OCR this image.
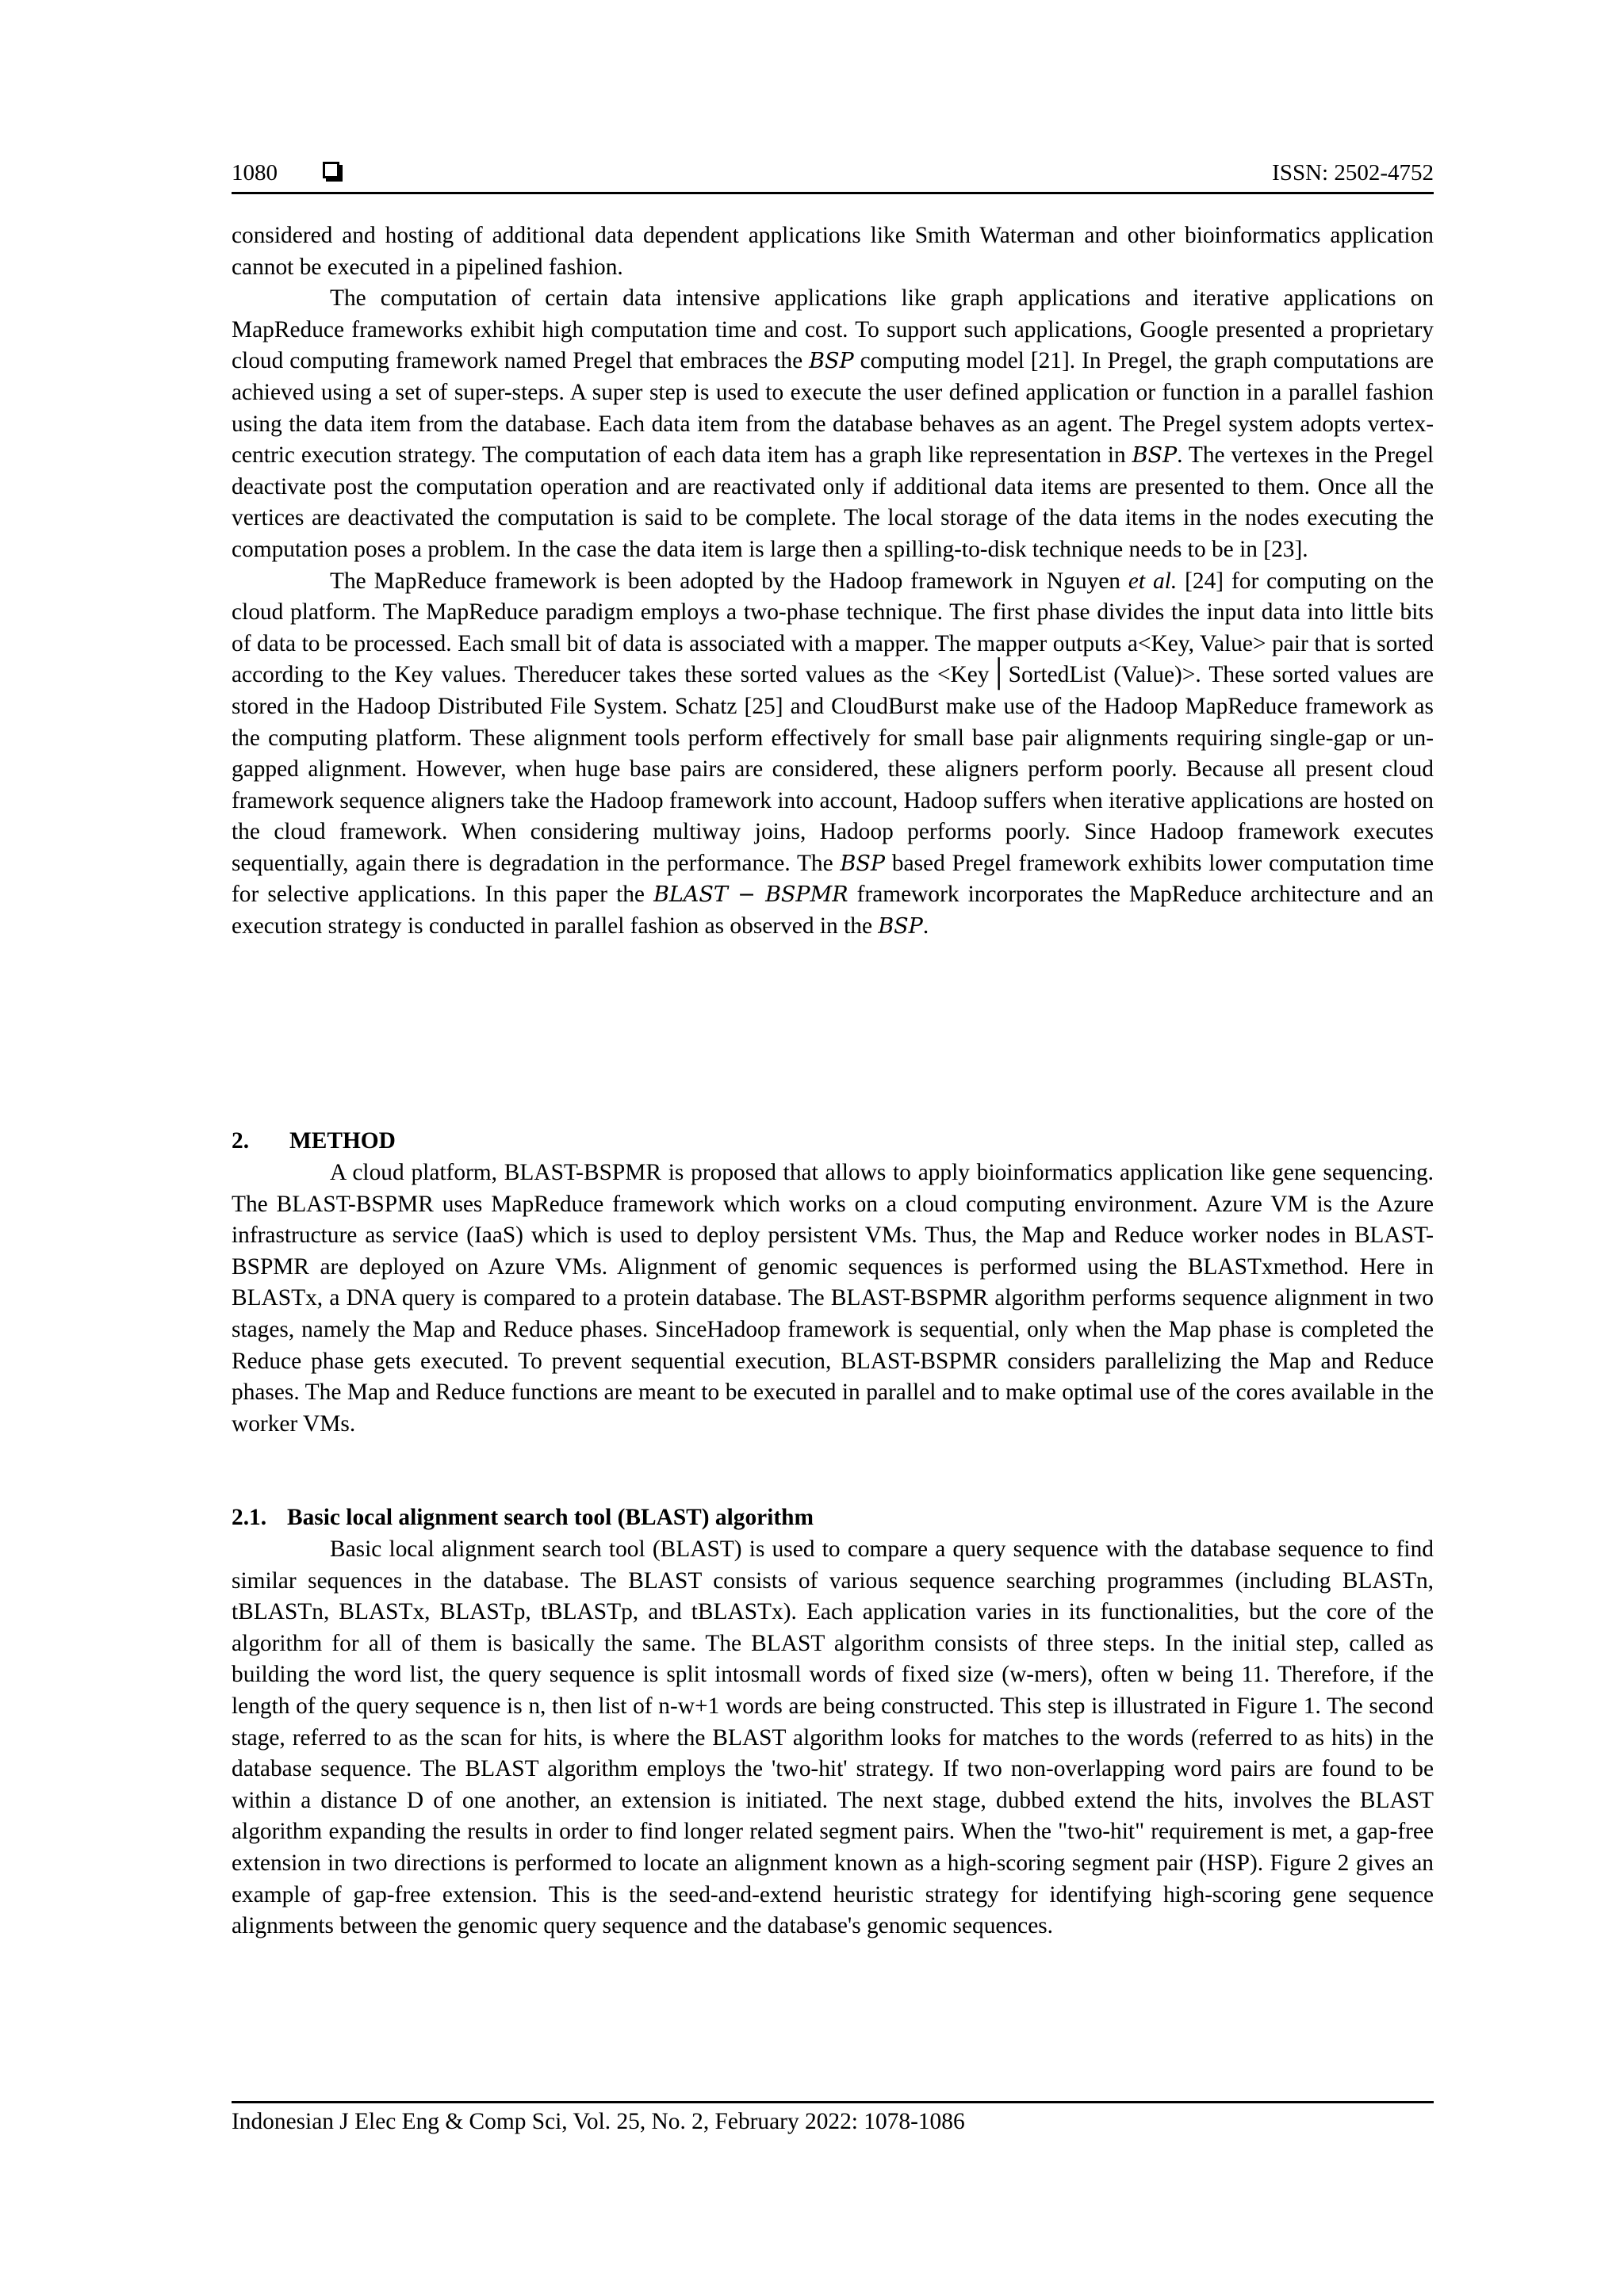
1080	ISSN: 2502-4752

considered and hosting of additional data dependent applications like Smith Waterman and other bioinformatics application cannot be executed in a pipelined fashion.

The computation of certain data intensive applications like graph applications and iterative applications on MapReduce frameworks exhibit high computation time and cost. To support such applications, Google presented a proprietary cloud computing framework named Pregel that embraces the BSP computing model [21]. In Pregel, the graph computations are achieved using a set of super-steps. A super step is used to execute the user defined application or function in a parallel fashion using the data item from the database. Each data item from the database behaves as an agent. The Pregel system adopts vertex-centric execution strategy. The computation of each data item has a graph like representation in BSP. The vertexes in the Pregel deactivate post the computation operation and are reactivated only if additional data items are presented to them. Once all the vertices are deactivated the computation is said to be complete. The local storage of the data items in the nodes executing the computation poses a problem. In the case the data item is large then a spilling-to-disk technique needs to be in [23].

The MapReduce framework is been adopted by the Hadoop framework in Nguyen et al. [24] for computing on the cloud platform. The MapReduce paradigm employs a two-phase technique. The first phase divides the input data into little bits of data to be processed. Each small bit of data is associated with a mapper. The mapper outputs a<Key, Value> pair that is sorted according to the Key values. Thereducer takes these sorted values as the <Key│SortedList (Value)>. These sorted values are stored in the Hadoop Distributed File System. Schatz [25] and CloudBurst make use of the Hadoop MapReduce framework as the computing platform. These alignment tools perform effectively for small base pair alignments requiring single-gap or un-gapped alignment. However, when huge base pairs are considered, these aligners perform poorly. Because all present cloud framework sequence aligners take the Hadoop framework into account, Hadoop suffers when iterative applications are hosted on the cloud framework. When considering multiway joins, Hadoop performs poorly. Since Hadoop framework executes sequentially, again there is degradation in the performance. The BSP based Pregel framework exhibits lower computation time for selective applications. In this paper the BLAST − BSPMR framework incorporates the MapReduce architecture and an execution strategy is conducted in parallel fashion as observed in the BSP.

2. METHOD

A cloud platform, BLAST-BSPMR is proposed that allows to apply bioinformatics application like gene sequencing. The BLAST-BSPMR uses MapReduce framework which works on a cloud computing environment. Azure VM is the Azure infrastructure as service (IaaS) which is used to deploy persistent VMs. Thus, the Map and Reduce worker nodes in BLAST-BSPMR are deployed on Azure VMs. Alignment of genomic sequences is performed using the BLASTxmethod. Here in BLASTx, a DNA query is compared to a protein database. The BLAST-BSPMR algorithm performs sequence alignment in two stages, namely the Map and Reduce phases. SinceHadoop framework is sequential, only when the Map phase is completed the Reduce phase gets executed. To prevent sequential execution, BLAST-BSPMR considers parallelizing the Map and Reduce phases. The Map and Reduce functions are meant to be executed in parallel and to make optimal use of the cores available in the worker VMs.

2.1. Basic local alignment search tool (BLAST) algorithm

Basic local alignment search tool (BLAST) is used to compare a query sequence with the database sequence to find similar sequences in the database. The BLAST consists of various sequence searching programmes (including BLASTn, tBLASTn, BLASTx, BLASTp, tBLASTp, and tBLASTx). Each application varies in its functionalities, but the core of the algorithm for all of them is basically the same. The BLAST algorithm consists of three steps. In the initial step, called as building the word list, the query sequence is split intosmall words of fixed size (w-mers), often w being 11. Therefore, if the length of the query sequence is n, then list of n-w+1 words are being constructed. This step is illustrated in Figure 1. The second stage, referred to as the scan for hits, is where the BLAST algorithm looks for matches to the words (referred to as hits) in the database sequence. The BLAST algorithm employs the 'two-hit' strategy. If two non-overlapping word pairs are found to be within a distance D of one another, an extension is initiated. The next stage, dubbed extend the hits, involves the BLAST algorithm expanding the results in order to find longer related segment pairs. When the "two-hit" requirement is met, a gap-free extension in two directions is performed to locate an alignment known as a high-scoring segment pair (HSP). Figure 2 gives an example of gap-free extension. This is the seed-and-extend heuristic strategy for identifying high-scoring gene sequence alignments between the genomic query sequence and the database's genomic sequences.

Indonesian J Elec Eng & Comp Sci, Vol. 25, No. 2, February 2022: 1078-1086
